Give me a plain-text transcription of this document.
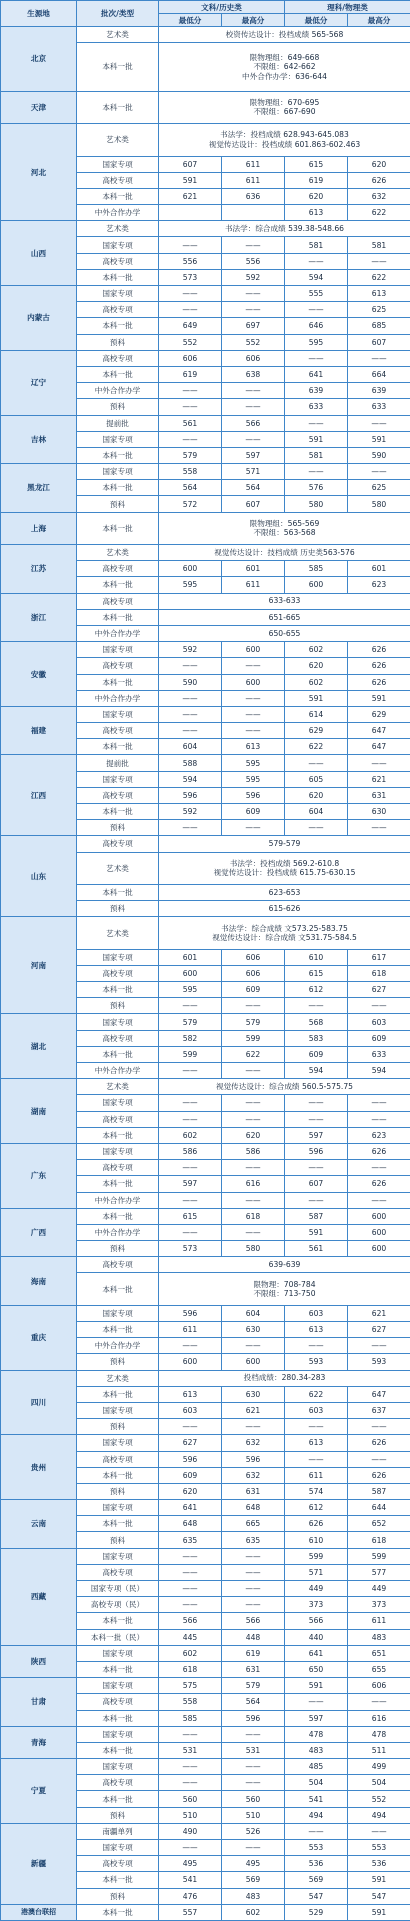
生源地	批次/类型	文科/历史类		理科/物理类	
		最低分	最高分	最低分	最高分
北京	艺术类	校资传达设计：投档成绩 565-568			
	本科一批	限物理组：649-668
不限组：642-662
中外合作办学：636-644			
天津	本科一批	限物理组：670-695
不限组：667-690			
河北	艺术类	书法学：投档成绩 628.943-645.083
视觉传达设计：投档成绩 601.863-602.463			
	国家专项	607	611	615	620
	高校专项	591	611	619	626
	本科一批	621	636	620	632
	中外合作办学			613	622
山西	艺术类	书法学：综合成绩 539.38-548.66			
	国家专项	——	——	581	581
	高校专项	556	556	——	——
	本科一批	573	592	594	622
内蒙古	国家专项	——	——	555	613
	高校专项	——	——	——	625
	本科一批	649	697	646	685
	预科	552	552	595	607
辽宁	高校专项	606	606	——	——
	本科一批	619	638	641	664
	中外合作办学	——	——	639	639
	预科	——	——	633	633
吉林	提前批	561	566	——	——
	国家专项	——	——	591	591
	本科一批	579	597	581	590
黑龙江	国家专项	558	571	——	——
	本科一批	564	564	576	625
	预科	572	607	580	580
上海	本科一批	限物理组：565-569
不限组：563-568			
江苏	艺术类	视觉传达设计：技档成绩 历史类563-576			
	高校专项	600	601	585	601
	本科一批	595	611	600	623
浙江	高校专项	633-633			
	本科一批	651-665			
	中外合作办学	650-655			
安徽	国家专项	592	600	602	626
	高校专项	——	——	620	626
	本科一批	590	600	602	626
	中外合作办学	——	——	591	591
福建	国家专项	——	——	614	629
	高校专项	——	——	629	647
	本科一批	604	613	622	647
江西	提前批	588	595	——	——
	国家专项	594	595	605	621
	高校专项	596	596	620	631
	本科一批	592	609	604	630
	预科	——	——	——	——
山东	高校专项	579-579			
	艺术类	书法学：投档成绩 569.2-610.8
视觉传达设计：投档成绩 615.75-630.15			
	本科一批	623-653			
	预科	615-626			
河南	艺术类	书法学：综合成绩 文573.25-583.75
视觉传达设计：综合成绩 文531.75-584.5			
	国家专项	601	606	610	617
	高校专项	600	606	615	618
	本科一批	595	609	612	627
	预科	——	——	——	——
湖北	国家专项	579	579	568	603
	高校专项	582	599	583	609
	本科一批	599	622	609	633
	中外合作办学	——	——	594	594
湖南	艺术类	视觉传达设计：综合成绩 560.5-575.75			
	国家专项	——	——	——	——
	高校专项	——	——	——	——
	本科一批	602	620	597	623
广东	国家专项	586	586	596	626
	高校专项	——	——	——	——
	本科一批	597	616	607	626
	中外合作办学	——	——	——	——
广西	本科一批	615	618	587	600
	中外合作办学	——	——	591	600
	预科	573	580	561	600
海南	高校专项	639-639			
	本科一批	限物理：708-784
不限组：713-750			
重庆	国家专项	596	604	603	621
	本科一批	611	630	613	627
	中外合作办学	——	——	——	——
	预科	600	600	593	593
四川	艺术类	投档成绩：280.34-283			
	本科一批	613	630	622	647
	国家专项	603	621	603	637
	预科	——	——	——	——
贵州	国家专项	627	632	613	626
	高校专项	596	596	——	——
	本科一批	609	632	611	626
	预科	620	631	574	587
云南	国家专项	641	648	612	644
	本科一批	648	665	626	652
	预科	635	635	610	618
西藏	国家专项	——	——	599	599
	高校专项	——	——	571	577
	国家专项（民）	——	——	449	449
	高校专项（民）	——	——	373	373
	本科一批	566	566	566	611
	本科一批（民）	445	448	440	483
陕西	国家专项	602	619	641	651
	本科一批	618	631	650	655
甘肃	国家专项	575	579	591	606
	高校专项	558	564	——	——
	本科一批	585	596	597	616
青海	国家专项	——	——	478	478
	本科一批	531	531	483	511
宁夏	国家专项	——	——	485	499
	高校专项	——	——	504	504
	本科一批	560	560	541	552
	预科	510	510	494	494
新疆	南疆单列	490	526	——	——
	国家专项	——	——	553	553
	高校专项	495	495	536	536
	本科一批	541	569	569	591
	预科	476	483	547	547
港澳台联招	本科一批	557	602	529	591
